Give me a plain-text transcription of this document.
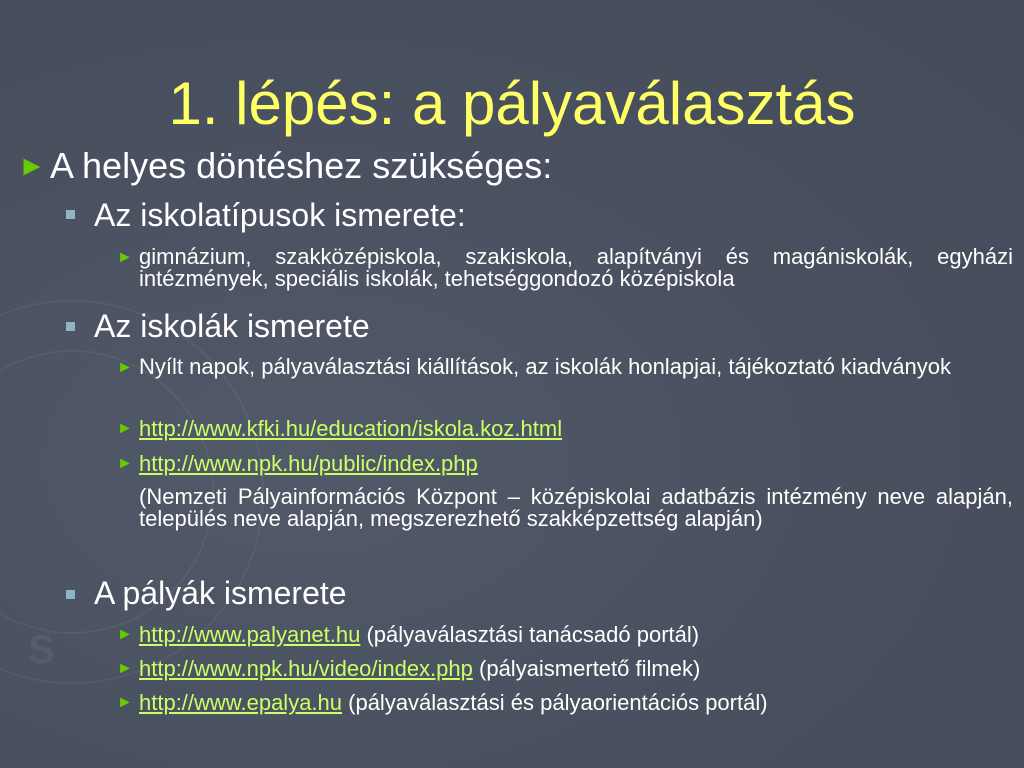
S
1. lépés: a pályaválasztás
► A helyes döntéshez szükséges:
Az iskolatípusok ismerete:
► gimnázium, szakközépiskola, szakiskola, alapítványi és magániskolák, egyházi intézmények, speciális iskolák, tehetséggondozó középiskola
Az iskolák ismerete
► Nyílt napok, pályaválasztási kiállítások, az iskolák honlapjai, tájékoztató kiadványok
► http://www.kfki.hu/education/iskola.koz.html
► http://www.npk.hu/public/index.php
(Nemzeti Pályainformációs Központ – középiskolai adatbázis intézmény neve alapján, település neve alapján, megszerezhető szakképzettség alapján)
A pályák ismerete
► http://www.palyanet.hu (pályaválasztási tanácsadó portál)
► http://www.npk.hu/video/index.php (pályaismertető filmek)
► http://www.epalya.hu (pályaválasztási és pályaorientációs portál)
